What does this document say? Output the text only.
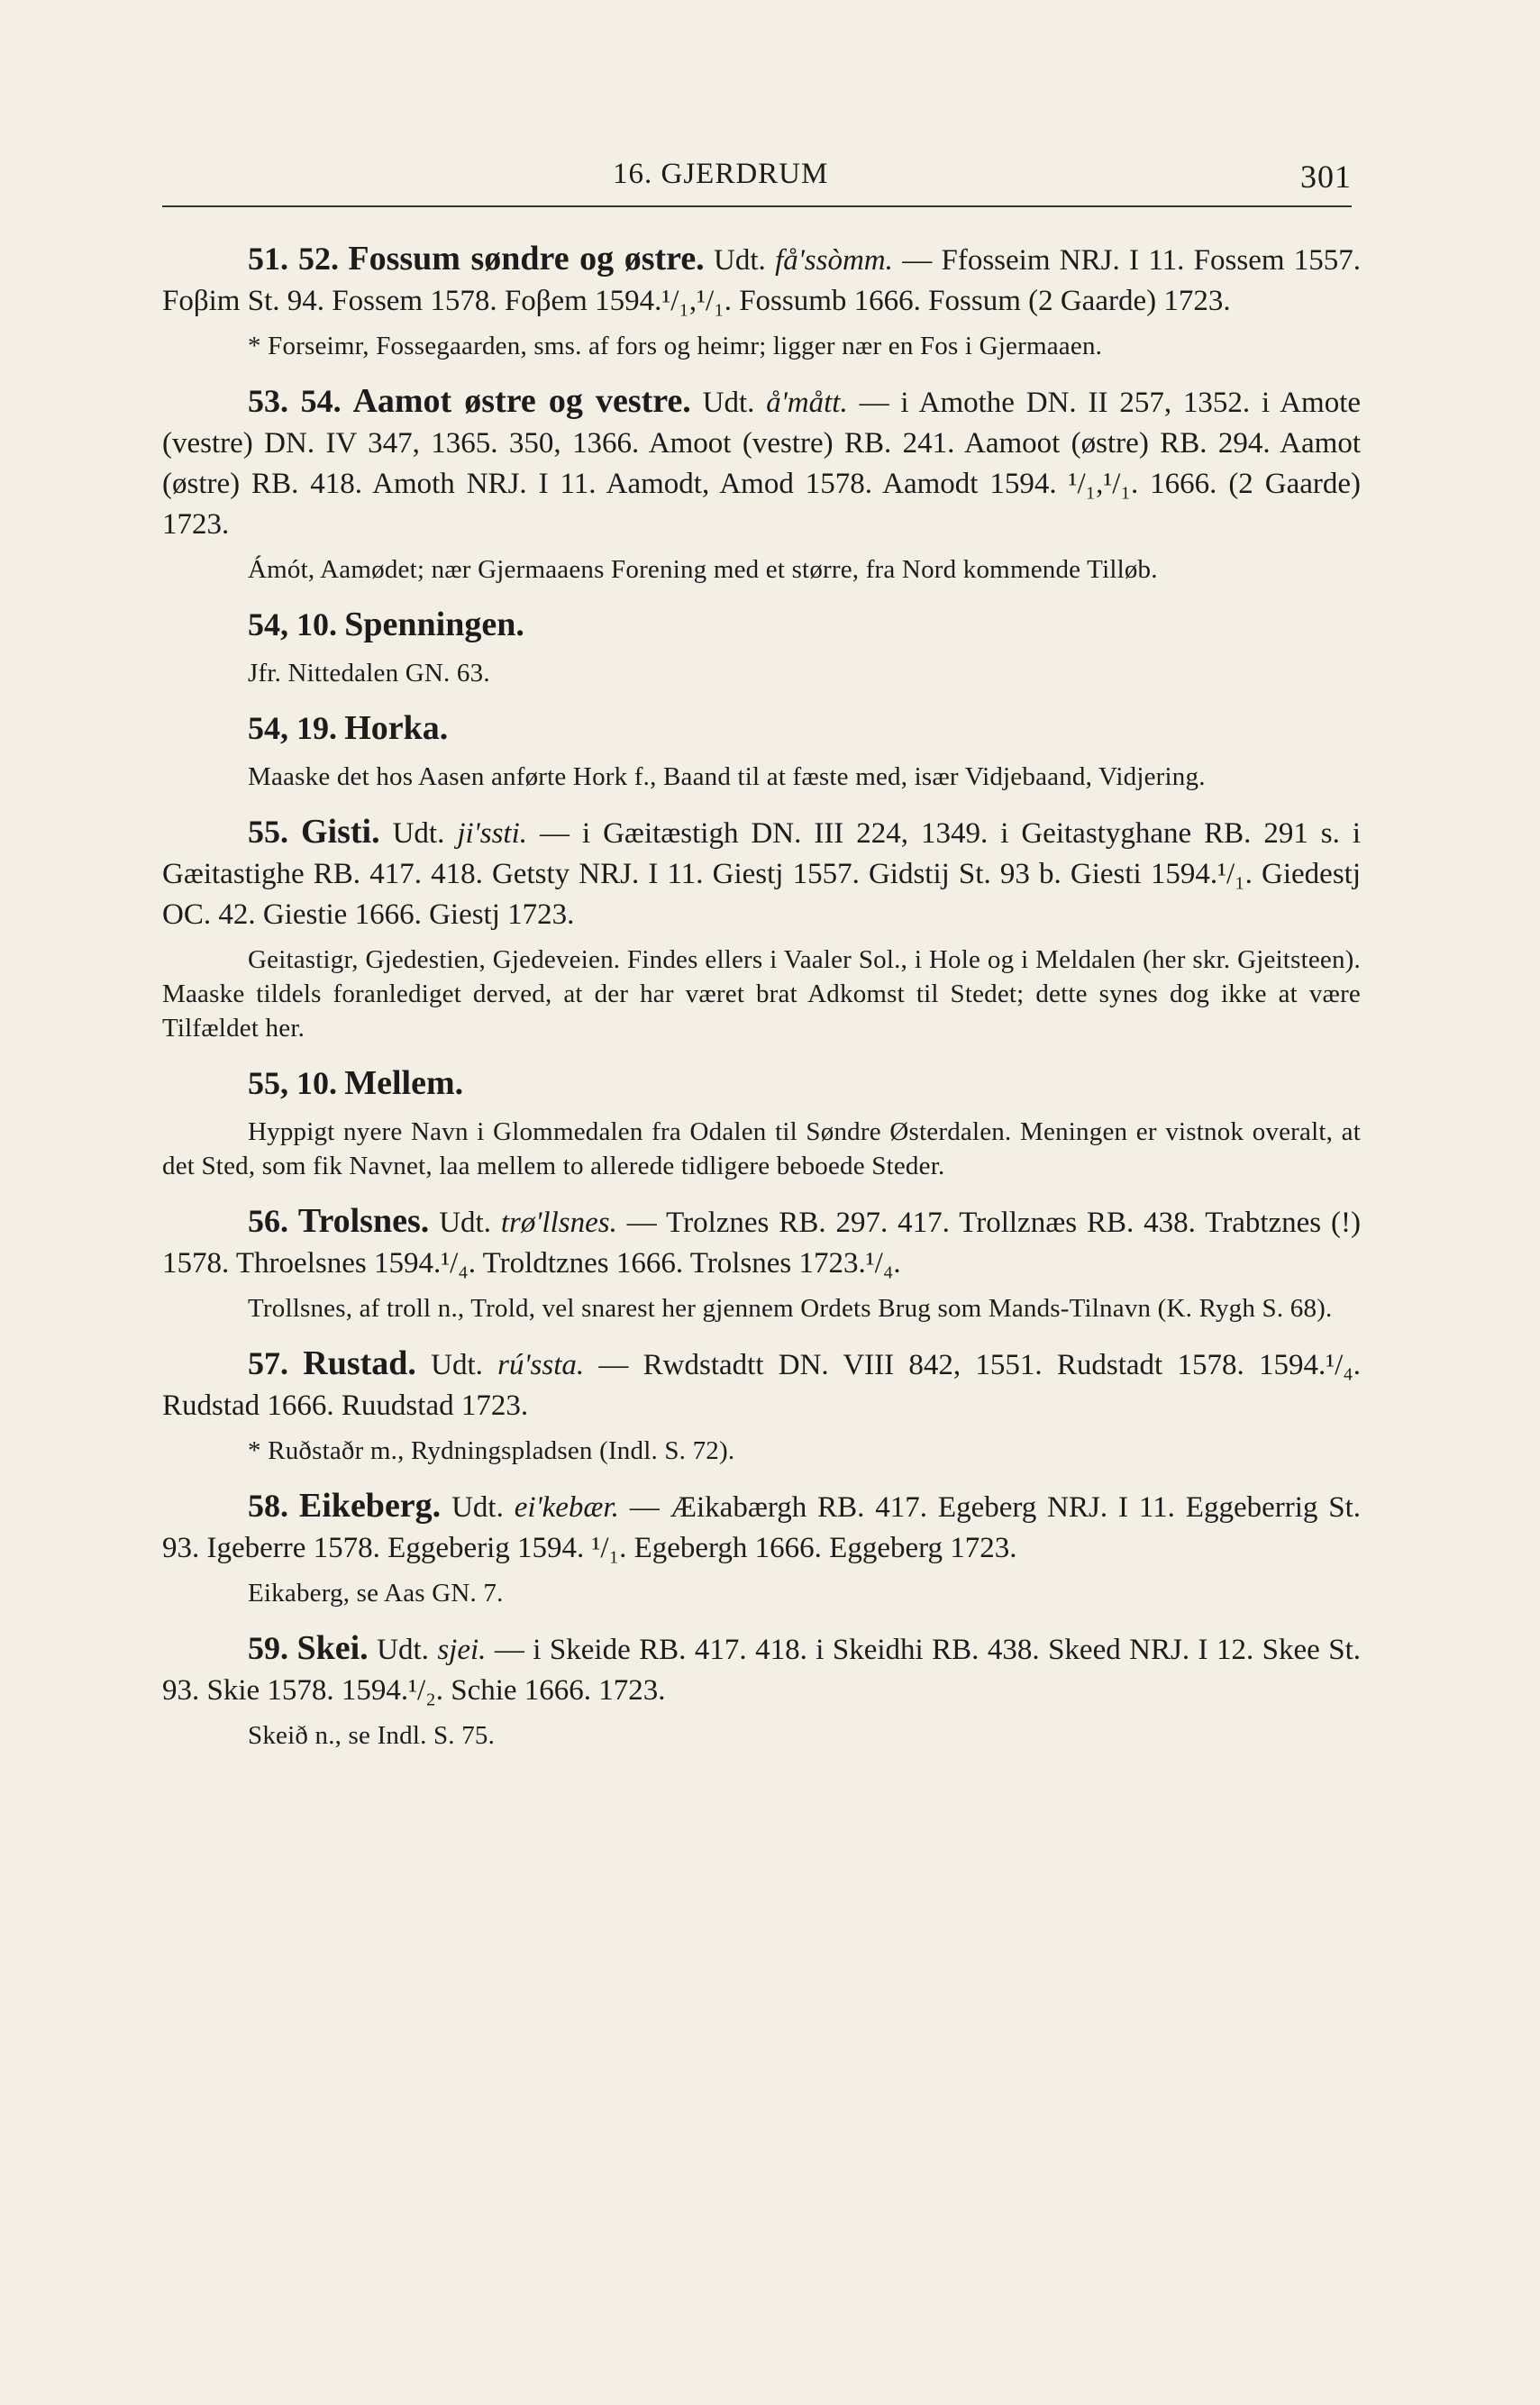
16. GJERDRUM	301

51. 52. Fossum søndre og østre. Udt. få'ssòmm. — Ffosseim NRJ. I 11. Fossem 1557. Foβim St. 94. Fossem 1578. Foβem 1594.¹/₁,¹/₁. Fossumb 1666. Fossum (2 Gaarde) 1723.

* Forseimr, Fossegaarden, sms. af fors og heimr; ligger nær en Fos i Gjermaaen.

53. 54. Aamot østre og vestre. Udt. å'mått. — i Amothe DN. II 257, 1352. i Amote (vestre) DN. IV 347, 1365. 350, 1366. Amoot (vestre) RB. 241. Aamoot (østre) RB. 294. Aamot (østre) RB. 418. Amoth NRJ. I 11. Aamodt, Amod 1578. Aamodt 1594. ¹/₁,¹/₁. 1666. (2 Gaarde) 1723.

Ámót, Aamødet; nær Gjermaaens Forening med et større, fra Nord kommende Tilløb.

54, 10. Spenningen.

Jfr. Nittedalen GN. 63.

54, 19. Horka.

Maaske det hos Aasen anførte Hork f., Baand til at fæste med, især Vidjebaand, Vidjering.

55. Gisti. Udt. ji'ssti. — i Gæitæstigh DN. III 224, 1349. i Geitastyghane RB. 291 s. i Gæitastighe RB. 417. 418. Getsty NRJ. I 11. Giestj 1557. Gidstij St. 93 b. Giesti 1594.¹/₁. Giedestj OC. 42. Giestie 1666. Giestj 1723.

Geitastigr, Gjedestien, Gjedeveien. Findes ellers i Vaaler Sol., i Hole og i Meldalen (her skr. Gjeitsteen). Maaske tildels foranlediget derved, at der har været brat Adkomst til Stedet; dette synes dog ikke at være Tilfældet her.

55, 10. Mellem.

Hyppigt nyere Navn i Glommedalen fra Odalen til Søndre Østerdalen. Meningen er vistnok overalt, at det Sted, som fik Navnet, laa mellem to allerede tidligere beboede Steder.

56. Trolsnes. Udt. trø'llsnes. — Trolznes RB. 297. 417. Trollznæs RB. 438. Trabtznes (!) 1578. Throelsnes 1594.¹/₄. Troldtznes 1666. Trolsnes 1723.¹/₄.

Trollsnes, af troll n., Trold, vel snarest her gjennem Ordets Brug som Mands-Tilnavn (K. Rygh S. 68).

57. Rustad. Udt. rú'ssta. — Rwdstadtt DN. VIII 842, 1551. Rudstadt 1578. 1594.¹/₄. Rudstad 1666. Ruudstad 1723.

* Ruðstaðr m., Rydningspladsen (Indl. S. 72).

58. Eikeberg. Udt. ei'kebær. — Æikabærgh RB. 417. Egeberg NRJ. I 11. Eggeberrig St. 93. Igeberre 1578. Eggeberig 1594. ¹/₁. Egebergh 1666. Eggeberg 1723.

Eikaberg, se Aas GN. 7.

59. Skei. Udt. sjei. — i Skeide RB. 417. 418. i Skeidhi RB. 438. Skeed NRJ. I 12. Skee St. 93. Skie 1578. 1594.¹/₂. Schie 1666. 1723.

Skeið n., se Indl. S. 75.
